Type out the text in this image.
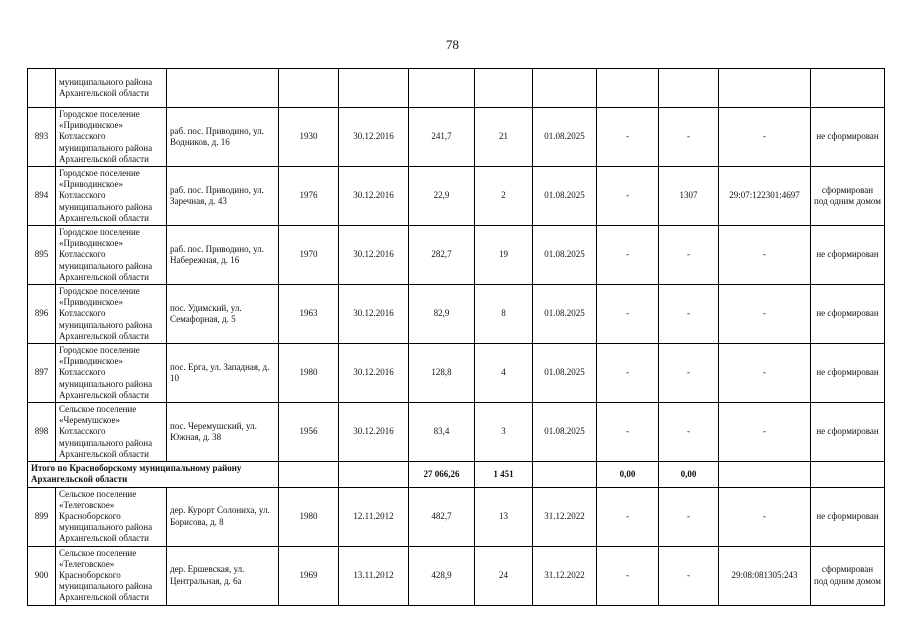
78
	муниципального района Архангельской области										
893	Городское поселение «Приводинское» Котласского муниципального района Архангельской области	раб. пос. Приводино, ул. Водников, д. 16	1930	30.12.2016	241,7	21	01.08.2025	-	-	-	не сформирован
894	Городское поселение «Приводинское» Котласского муниципального района Архангельской области	раб. пос. Приводино, ул. Заречная, д. 43	1976	30.12.2016	22,9	2	01.08.2025	-	1307	29:07:122301:4697	сформирован под одним домом
895	Городское поселение «Приводинское» Котласского муниципального района Архангельской области	раб. пос. Приводино, ул. Набережная, д. 16	1970	30.12.2016	282,7	19	01.08.2025	-	-	-	не сформирован
896	Городское поселение «Приводинское» Котласского муниципального района Архангельской области	пос. Удимский, ул. Семафорная, д. 5	1963	30.12.2016	82,9	8	01.08.2025	-	-	-	не сформирован
897	Городское поселение «Приводинское» Котласского муниципального района Архангельской области	пос. Ерга, ул. Западная, д. 10	1980	30.12.2016	128,8	4	01.08.2025	-	-	-	не сформирован
898	Сельское поселение «Черемушское» Котласского муниципального района Архангельской области	пос. Черемушский, ул. Южная, д. 38	1956	30.12.2016	83,4	3	01.08.2025	-	-	-	не сформирован
Итого по Красноборскому муниципальному району Архангельской области					27 066,26	1 451		0,00	0,00		
899	Сельское поселение «Телеговское» Красноборского муниципального района Архангельской области	дер. Курорт Солониха, ул. Борисова, д. 8	1980	12.11.2012	482,7	13	31.12.2022	-	-	-	не сформирован
900	Сельское поселение «Телеговское» Красноборского муниципального района Архангельской области	дер. Ершевская, ул. Центральная, д. 6а	1969	13.11.2012	428,9	24	31.12.2022	-	-	29:08:081305:243	сформирован под одним домом
